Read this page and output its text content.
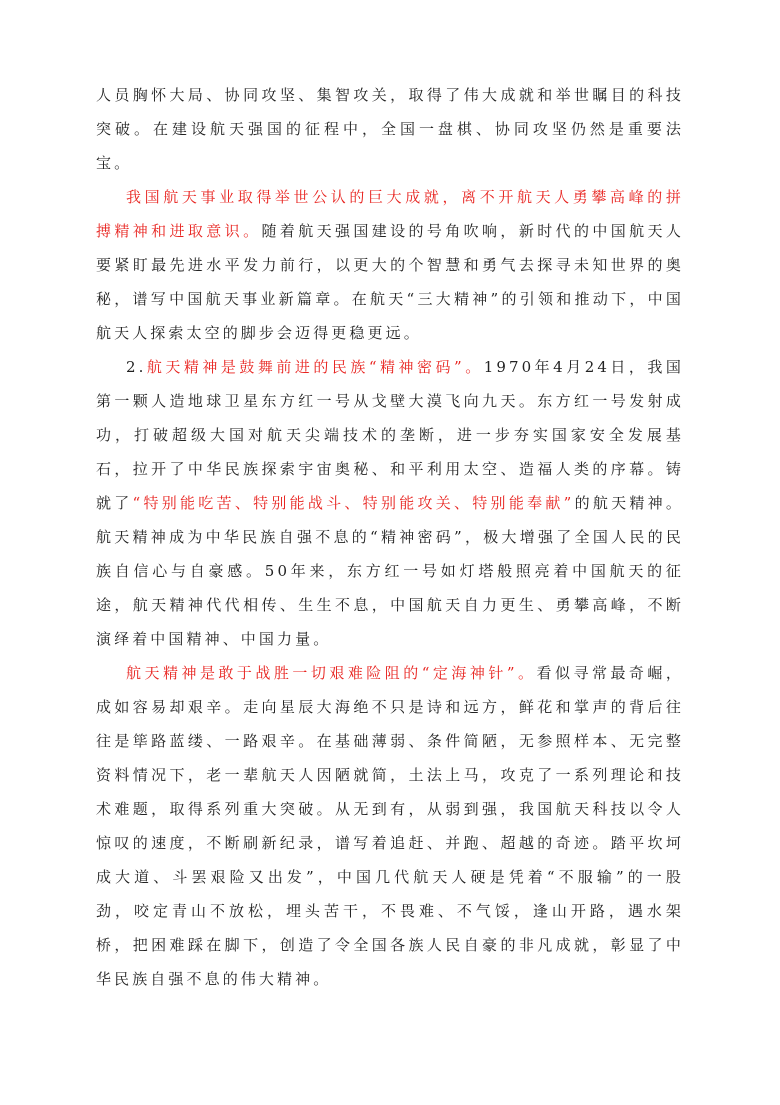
人员胸怀大局、协同攻坚、集智攻关，取得了伟大成就和举世瞩目的科技突破。在建设航天强国的征程中，全国一盘棋、协同攻坚仍然是重要法宝。

我国航天事业取得举世公认的巨大成就，离不开航天人勇攀高峰的拼搏精神和进取意识。随着航天强国建设的号角吹响，新时代的中国航天人要紧盯最先进水平发力前行，以更大的个智慧和勇气去探寻未知世界的奥秘，谱写中国航天事业新篇章。在航天“三大精神”的引领和推动下，中国航天人探索太空的脚步会迈得更稳更远。

2.航天精神是鼓舞前进的民族“精神密码”。1970年4月24日，我国第一颗人造地球卫星东方红一号从戈壁大漠飞向九天。东方红一号发射成功，打破超级大国对航天尖端技术的垄断，进一步夯实国家安全发展基石，拉开了中华民族探索宇宙奥秘、和平利用太空、造福人类的序幕。铸就了“特别能吃苦、特别能战斗、特别能攻关、特别能奉献”的航天精神。航天精神成为中华民族自强不息的“精神密码”，极大增强了全国人民的民族自信心与自豪感。50年来，东方红一号如灯塔般照亮着中国航天的征途，航天精神代代相传、生生不息，中国航天自力更生、勇攀高峰，不断演绎着中国精神、中国力量。

航天精神是敢于战胜一切艰难险阻的“定海神针”。看似寻常最奇崛，成如容易却艰辛。走向星辰大海绝不只是诗和远方，鲜花和掌声的背后往往是筚路蓝缕、一路艰辛。在基础薄弱、条件简陋，无参照样本、无完整资料情况下，老一辈航天人因陋就简，土法上马，攻克了一系列理论和技术难题，取得系列重大突破。从无到有，从弱到强，我国航天科技以令人惊叹的速度，不断刷新纪录，谱写着追赶、并跑、超越的奇迹。踏平坎坷成大道、斗罢艰险又出发”，中国几代航天人硬是凭着“不服输”的一股劲，咬定青山不放松，埋头苦干，不畏难、不气馁，逢山开路，遇水架桥，把困难踩在脚下，创造了令全国各族人民自豪的非凡成就，彰显了中华民族自强不息的伟大精神。
